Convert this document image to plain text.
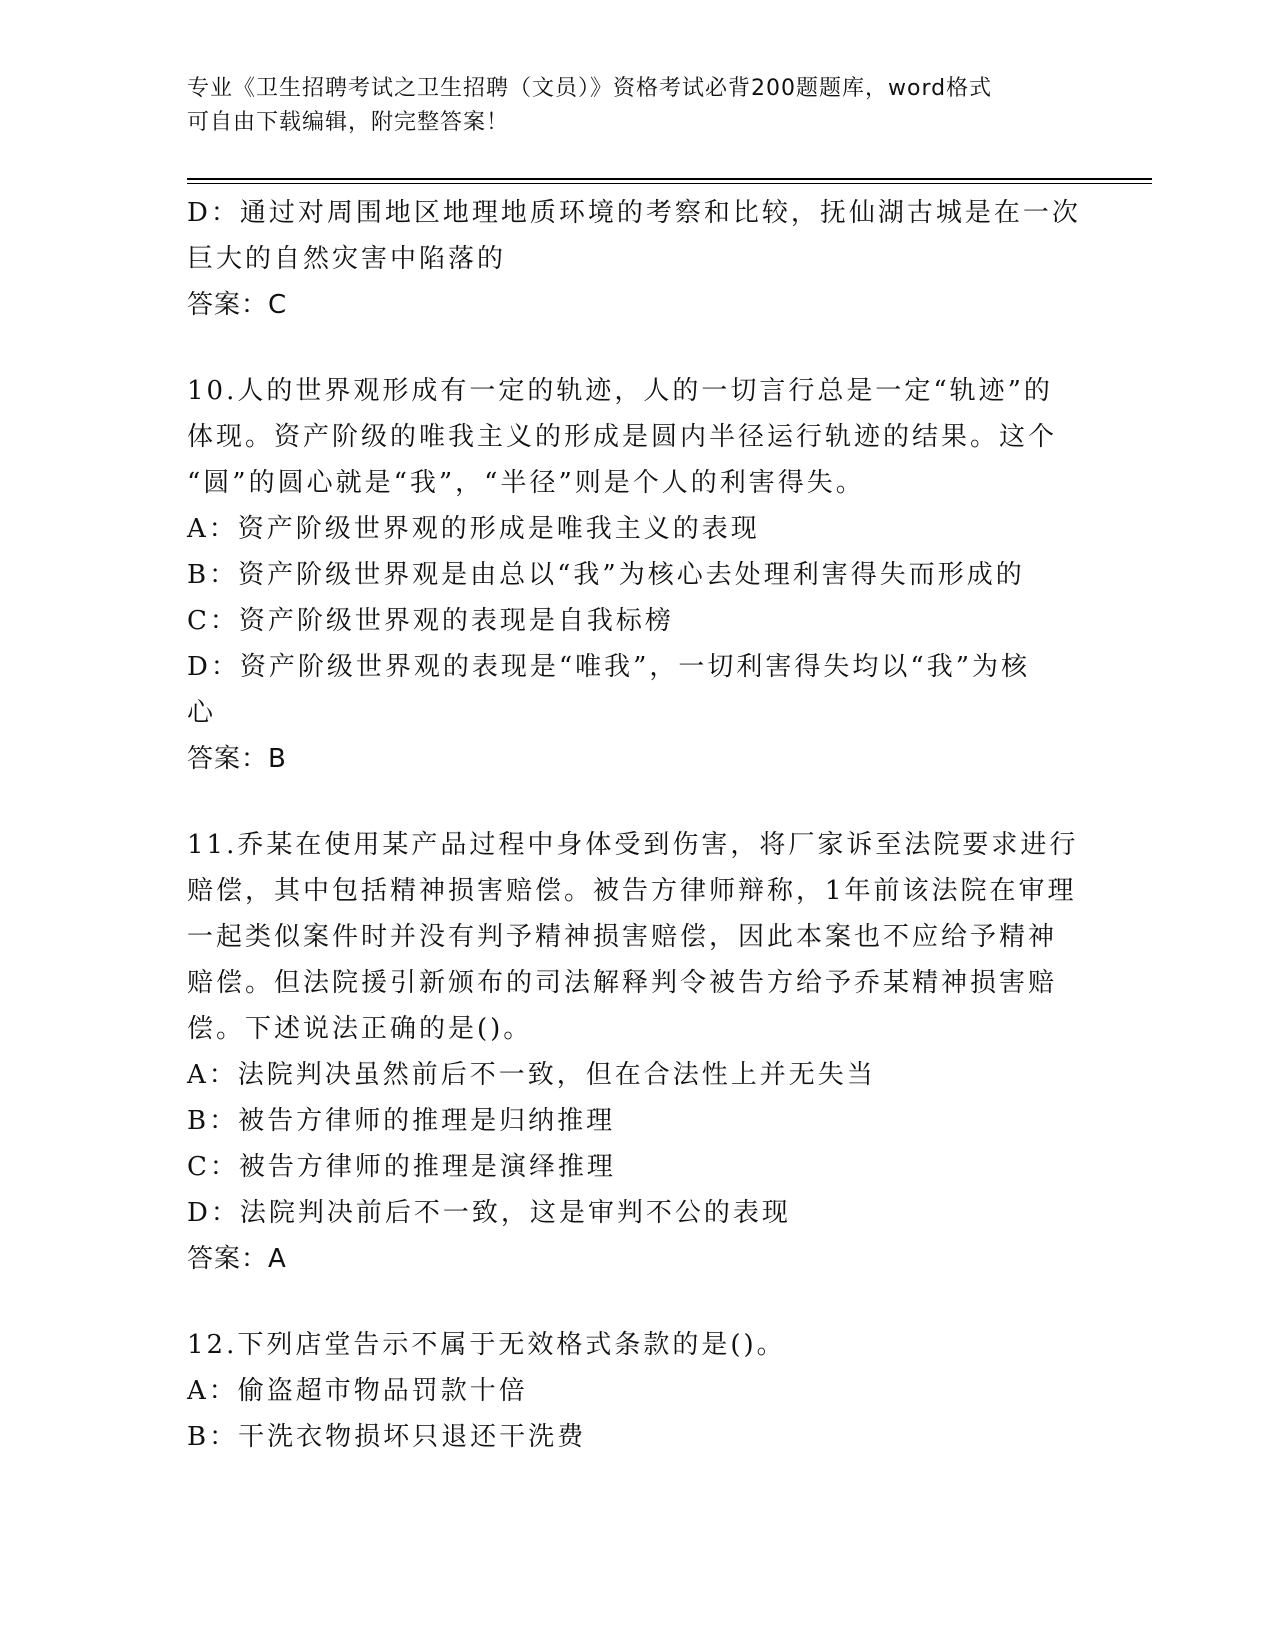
专业《卫生招聘考试之卫生招聘（文员）》资格考试必背200题题库，word格式
可自由下载编辑，附完整答案！
D：通过对周围地区地理地质环境的考察和比较，抚仙湖古城是在一次
巨大的自然灾害中陷落的
答案：C
10.人的世界观形成有一定的轨迹，人的一切言行总是一定“轨迹”的
体现。资产阶级的唯我主义的形成是圆内半径运行轨迹的结果。这个
“圆”的圆心就是“我”，“半径”则是个人的利害得失。
A：资产阶级世界观的形成是唯我主义的表现
B：资产阶级世界观是由总以“我”为核心去处理利害得失而形成的
C：资产阶级世界观的表现是自我标榜
D：资产阶级世界观的表现是“唯我”，一切利害得失均以“我”为核
心
答案：B
11.乔某在使用某产品过程中身体受到伤害，将厂家诉至法院要求进行
赔偿，其中包括精神损害赔偿。被告方律师辩称，1年前该法院在审理
一起类似案件时并没有判予精神损害赔偿，因此本案也不应给予精神
赔偿。但法院援引新颁布的司法解释判令被告方给予乔某精神损害赔
偿。下述说法正确的是()。
A：法院判决虽然前后不一致，但在合法性上并无失当
B：被告方律师的推理是归纳推理
C：被告方律师的推理是演绎推理
D：法院判决前后不一致，这是审判不公的表现
答案：A
12.下列店堂告示不属于无效格式条款的是()。
A：偷盗超市物品罚款十倍
B：干洗衣物损坏只退还干洗费
